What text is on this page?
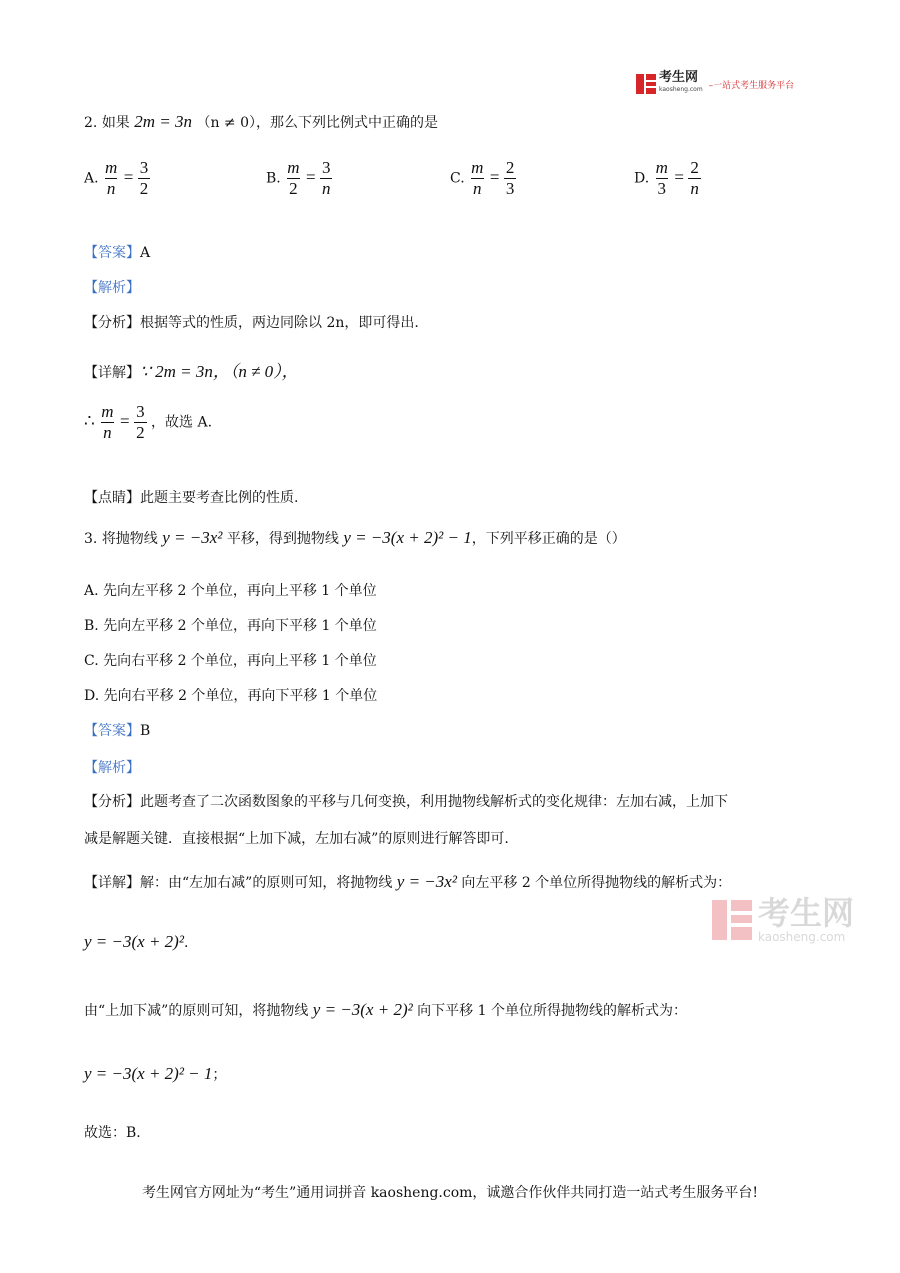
考生网
kaosheng.com –一站式考生服务平台
2. 如果 2m = 3n （n ≠ 0），那么下列比例式中正确的是
A. $\frac{m}{n} = \frac{3}{2}$	B. $\frac{m}{2} = \frac{3}{n}$	C. $\frac{m}{n} = \frac{2}{3}$	D. $\frac{m}{3} = \frac{2}{n}$
【答案】A
【解析】
【分析】根据等式的性质，两边同除以 2n，即可得出.
【详解】∵ 2m = 3n，（n ≠ 0），
∴ $\frac{m}{n} = \frac{3}{2}$ ，故选 A.
【点睛】此题主要考查比例的性质.
3. 将抛物线 y = −3x² 平移，得到抛物线 y = −3(x + 2)² − 1，下列平移正确的是（）
A. 先向左平移 2 个单位，再向上平移 1 个单位
B. 先向左平移 2 个单位，再向下平移 1 个单位
C. 先向右平移 2 个单位，再向上平移 1 个单位
D. 先向右平移 2 个单位，再向下平移 1 个单位
【答案】B
【解析】
【分析】此题考查了二次函数图象的平移与几何变换，利用抛物线解析式的变化规律：左加右减，上加下
减是解题关键．直接根据“上加下减，左加右减”的原则进行解答即可.
【详解】解：由“左加右减”的原则可知，将抛物线 y = −3x² 向左平移 2 个单位所得抛物线的解析式为：
y = −3(x + 2)².
由“上加下减”的原则可知，将抛物线 y = −3(x + 2)² 向下平移 1 个单位所得抛物线的解析式为：
y = −3(x + 2)² − 1；
故选：B.
考生网官方网址为“考生”通用词拼音 kaosheng.com，诚邀合作伙伴共同打造一站式考生服务平台!
考生网
kaosheng.com
